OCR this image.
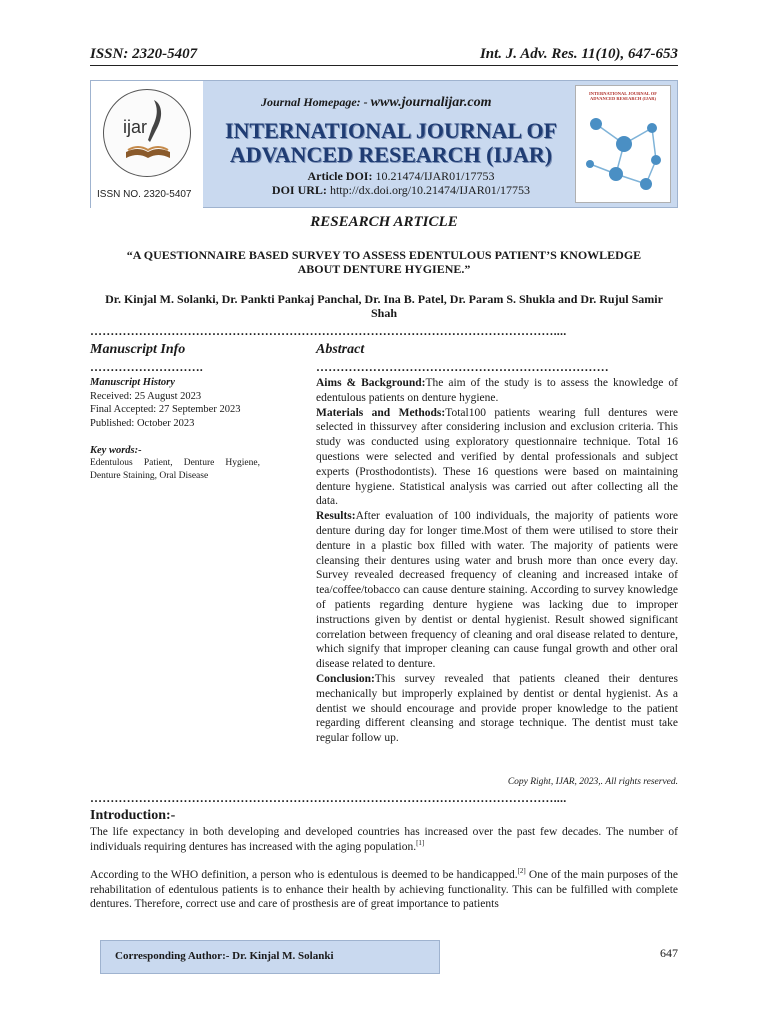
ISSN: 2320-5407	Int. J. Adv. Res. 11(10), 647-653
ijar
ISSN NO. 2320-5407
Journal Homepage: - www.journalijar.com
INTERNATIONAL JOURNAL OF
ADVANCED RESEARCH (IJAR)
Article DOI: 10.21474/IJAR01/17753
DOI URL: http://dx.doi.org/10.21474/IJAR01/17753
INTERNATIONAL JOURNAL OF ADVANCED RESEARCH (IJAR)
RESEARCH ARTICLE
“A QUESTIONNAIRE BASED SURVEY TO ASSESS EDENTULOUS PATIENT’S KNOWLEDGE ABOUT DENTURE HYGIENE.”
Dr. Kinjal M. Solanki, Dr. Pankti Pankaj Panchal, Dr. Ina B. Patel, Dr. Param S. Shukla and Dr. Rujul Samir Shah
……………………………………………………………………………………………………....
Manuscript Info	Abstract
……………………….	………………………………………………………………
Manuscript History
Received: 25 August 2023
Final Accepted: 27 September 2023
Published: October 2023
Key words:-
Edentulous Patient, Denture Hygiene, Denture Staining, Oral Disease

Aims & Background:The aim of the study is to assess the knowledge of edentulous patients on denture hygiene.

Materials and Methods:Total100 patients wearing full dentures were selected in thissurvey after considering inclusion and exclusion criteria. This study was conducted using exploratory questionnaire technique. Total 16 questions were selected and verified by dental professionals and subject experts (Prosthodontists). These 16 questions were based on maintaining denture hygiene. Statistical analysis was carried out after collecting all the data.

Results:After evaluation of 100 individuals, the majority of patients wore denture during day for longer time.Most of them were utilised to store their denture in a plastic box filled with water. The majority of patients were cleansing their dentures using water and brush more than once every day. Survey revealed decreased frequency of cleaning and increased intake of tea/coffee/tobacco can cause denture staining. According to survey knowledge of patients regarding denture hygiene was lacking due to improper instructions given by dentist or dental hygienist. Result showed significant correlation between frequency of cleaning and oral disease related to denture, which signify that improper cleaning can cause fungal growth and other oral disease related to denture.

Conclusion:This survey revealed that patients cleaned their dentures mechanically but improperly explained by dentist or dental hygienist. As a dentist we should encourage and provide proper knowledge to the patient regarding different cleansing and storage technique. The dentist must take regular follow up.

Copy Right, IJAR, 2023,. All rights reserved.
……………………………………………………………………………………………………....
Introduction:-
The life expectancy in both developing and developed countries has increased over the past few decades. The number of individuals requiring dentures has increased with the aging population.[1]
According to the WHO definition, a person who is edentulous is deemed to be handicapped.[2] One of the main purposes of the rehabilitation of edentulous patients is to enhance their health by achieving functionality. This can be fulfilled with complete dentures. Therefore, correct use and care of prosthesis are of great importance to patients
Corresponding Author:- Dr. Kinjal M. Solanki	647
